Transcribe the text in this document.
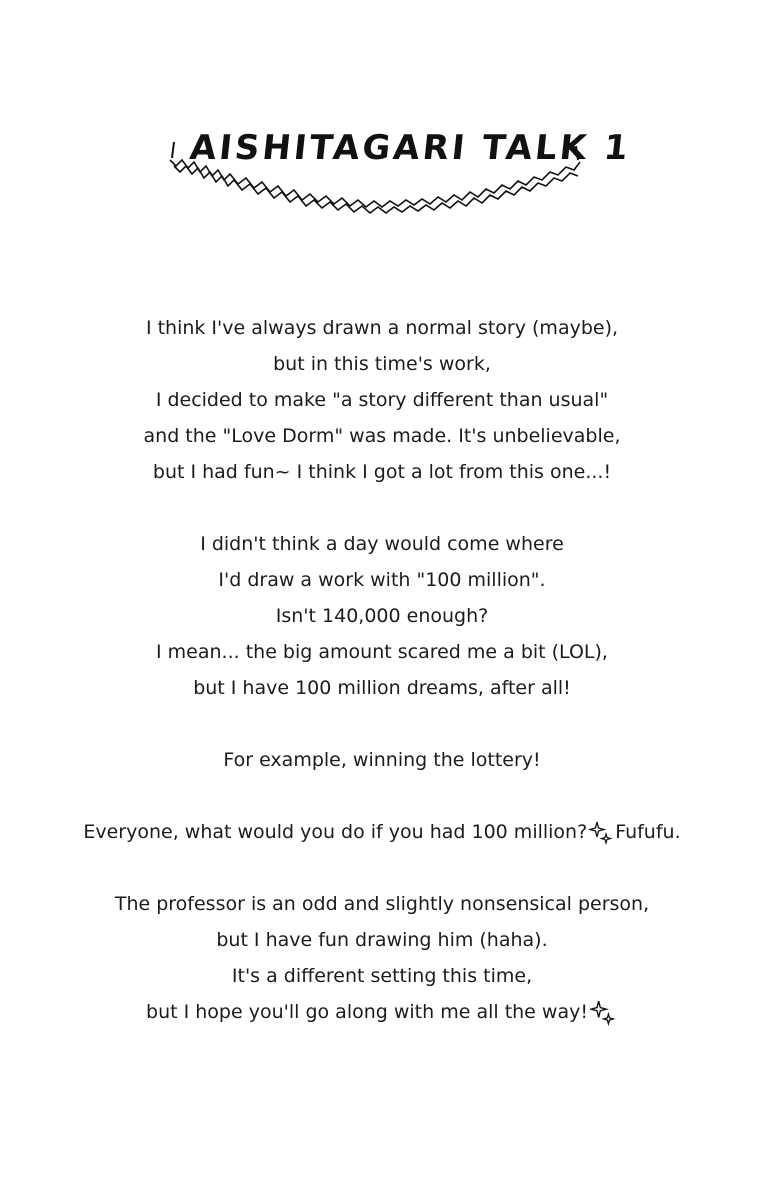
AISHITAGARI TALK 1

I think I've always drawn a normal story (maybe),
but in this time's work,
I decided to make "a story different than usual"
and the "Love Dorm" was made. It's unbelievable,
but I had fun~ I think I got a lot from this one...!

I didn't think a day would come where
I'd draw a work with "100 million".
Isn't 140,000 enough?
I mean... the big amount scared me a bit (LOL),
but I have 100 million dreams, after all!

For example, winning the lottery!

Everyone, what would you do if you had 100 million? Fufufu.

The professor is an odd and slightly nonsensical person,
but I have fun drawing him (haha).
It's a different setting this time,
but I hope you'll go along with me all the way!
